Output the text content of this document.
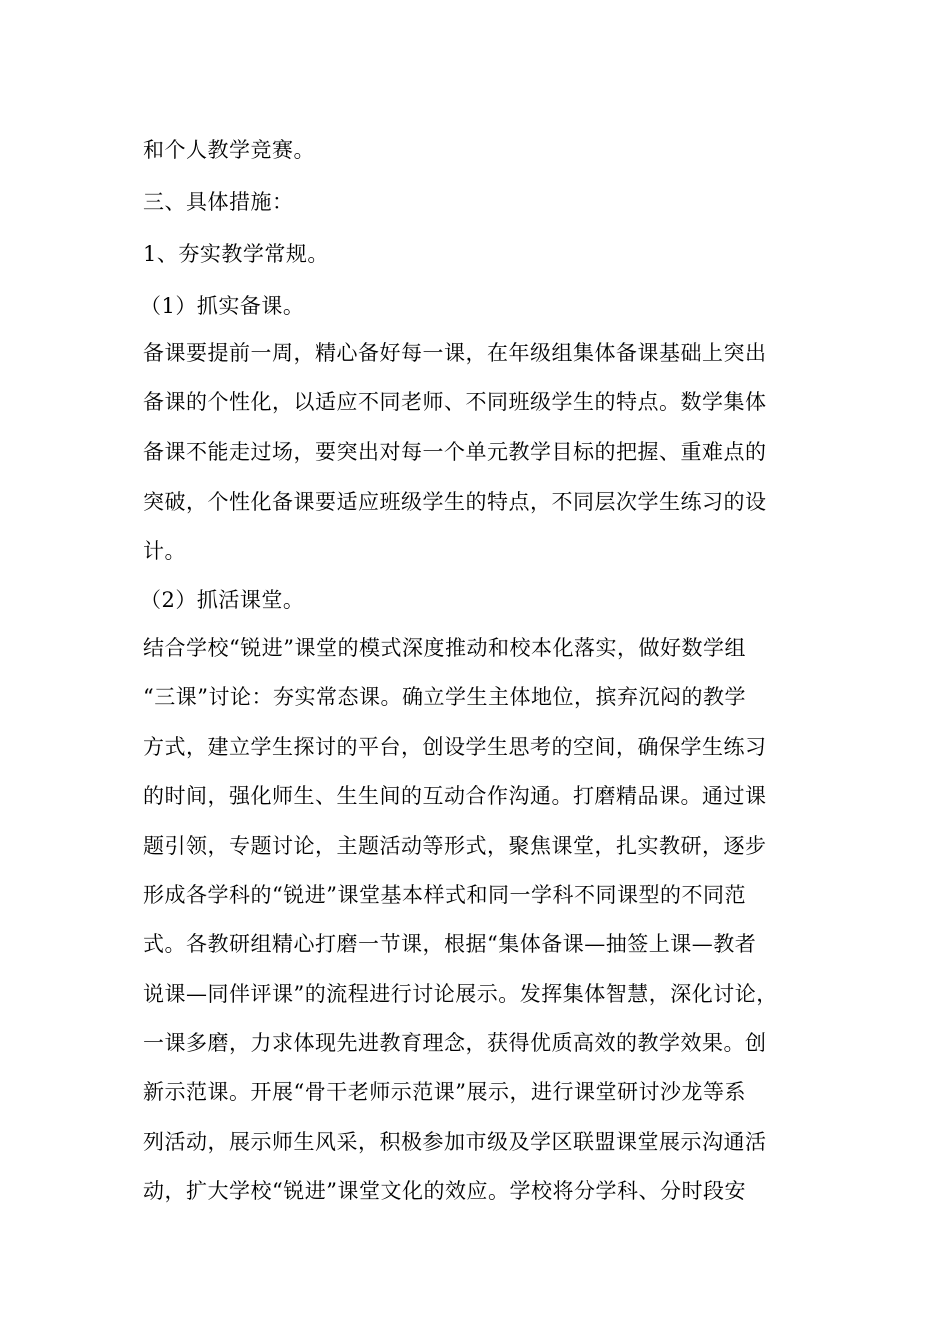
和个人教学竞赛。
三、具体措施：
1、夯实教学常规。
（1）抓实备课。
备课要提前一周，精心备好每一课，在年级组集体备课基础上突出
备课的个性化，以适应不同老师、不同班级学生的特点。数学集体
备课不能走过场，要突出对每一个单元教学目标的把握、重难点的
突破，个性化备课要适应班级学生的特点，不同层次学生练习的设
计。
（2）抓活课堂。
结合学校“锐进”课堂的模式深度推动和校本化落实，做好数学组
“三课”讨论：夯实常态课。确立学生主体地位，摈弃沉闷的教学
方式，建立学生探讨的平台，创设学生思考的空间，确保学生练习
的时间，强化师生、生生间的互动合作沟通。打磨精品课。通过课
题引领，专题讨论，主题活动等形式，聚焦课堂，扎实教研，逐步
形成各学科的“锐进”课堂基本样式和同一学科不同课型的不同范
式。各教研组精心打磨一节课，根据“集体备课—抽签上课—教者
说课—同伴评课”的流程进行讨论展示。发挥集体智慧，深化讨论，
一课多磨，力求体现先进教育理念，获得优质高效的教学效果。创
新示范课。开展“骨干老师示范课”展示，进行课堂研讨沙龙等系
列活动，展示师生风采，积极参加市级及学区联盟课堂展示沟通活
动，扩大学校“锐进”课堂文化的效应。学校将分学科、分时段安
